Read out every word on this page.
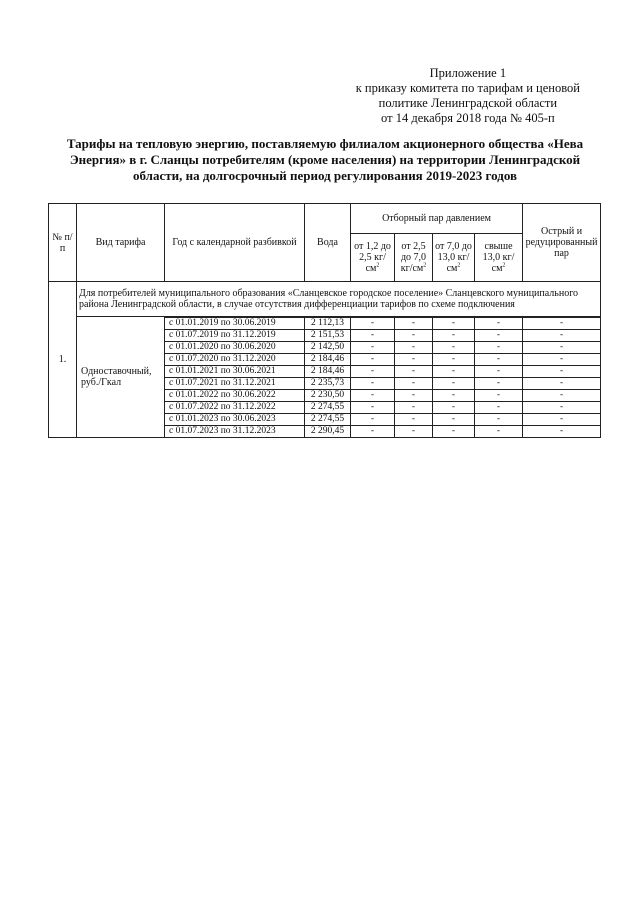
Приложение 1
к приказу комитета по тарифам и ценовой
политике Ленинградской области
от 14 декабря 2018 года № 405-п
Тарифы на тепловую энергию, поставляемую филиалом акционерного общества «Нева
Энергия» в г. Сланцы потребителям (кроме населения) на территории Ленинградской
области, на долгосрочный период регулирования 2019-2023 годов
№ п/п	Вид тарифа	Год с календарной разбивкой	Вода	Отборный пар давлением				Острый и редуцированный пар
				от 1,2 до 2,5 $кг/см^2$	от 2,5 до 7,0 $кг/см^2$	от 7,0 до 13,0 $кг/см^2$	свыше 13,0 $кг/см^2$
1.	Для потребителей муниципального образования «Сланцевское городское поселение» Сланцевского муниципального района Ленинградской области, в случае отсутствия дифференциации тарифов по схеме подключения							
	Одноставочный, руб./Гкал							
		с 01.01.2019 по 30.06.2019	2 112,13	-	-	-	-	-
		с 01.07.2019 по 31.12.2019	2 151,53	-	-	-	-	-
		с 01.01.2020 по 30.06.2020	2 142,50	-	-	-	-	-
		с 01.07.2020 по 31.12.2020	2 184,46	-	-	-	-	-
		с 01.01.2021 по 30.06.2021	2 184,46	-	-	-	-	-
		с 01.07.2021 по 31.12.2021	2 235,73	-	-	-	-	-
		с 01.01.2022 по 30.06.2022	2 230,50	-	-	-	-	-
		с 01.07.2022 по 31.12.2022	2 274,55	-	-	-	-	-
		с 01.01.2023 по 30.06.2023	2 274,55	-	-	-	-	-
		с 01.07.2023 по 31.12.2023	2 290,45	-	-	-	-	-
